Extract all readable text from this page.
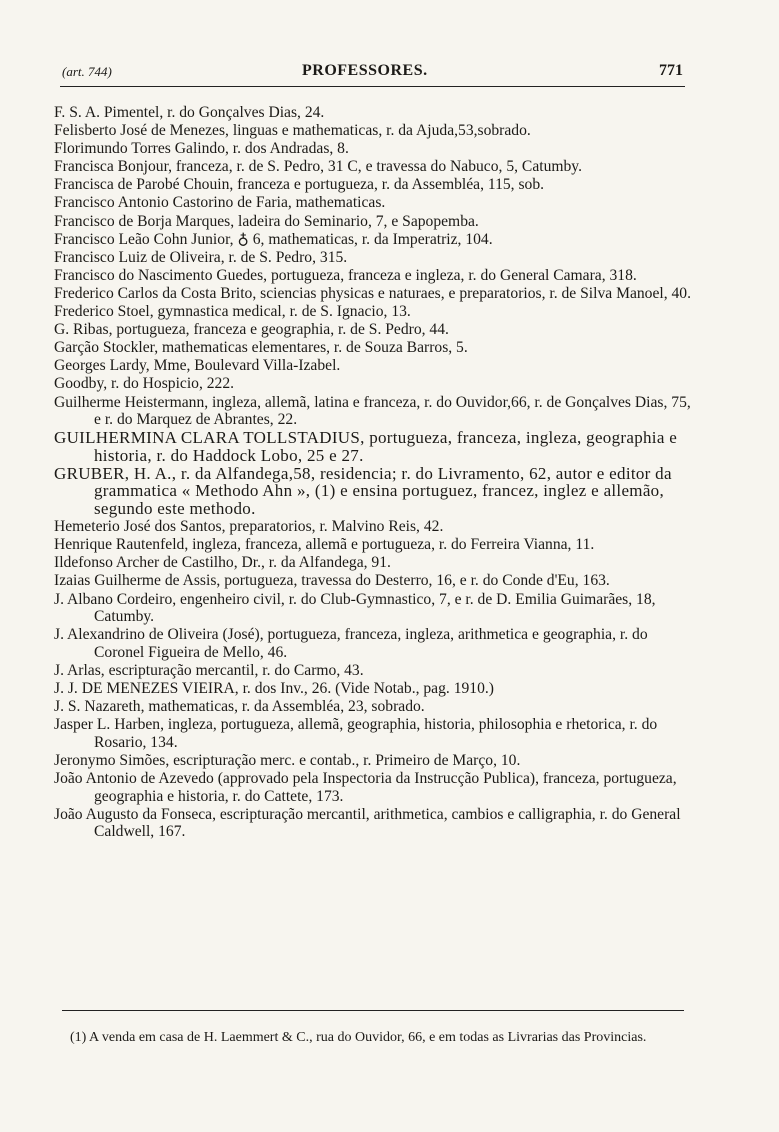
(art. 744)	PROFESSORES.	771

F. S. A. Pimentel, r. do Gonçalves Dias, 24.

Felisberto José de Menezes, linguas e mathematicas, r. da Ajuda,53,sobrado.

Florimundo Torres Galindo, r. dos Andradas, 8.

Francisca Bonjour, franceza, r. de S. Pedro, 31 C, e travessa do Nabuco, 5, Catumby.

Francisca de Parobé Chouin, franceza e portugueza, r. da Assembléa, 115, sob.

Francisco Antonio Castorino de Faria, mathematicas.

Francisco de Borja Marques, ladeira do Seminario, 7, e Sapopemba.

Francisco Leão Cohn Junior, ♁ 6, mathematicas, r. da Imperatriz, 104.

Francisco Luiz de Oliveira, r. de S. Pedro, 315.

Francisco do Nascimento Guedes, portugueza, franceza e ingleza, r. do General Camara, 318.

Frederico Carlos da Costa Brito, sciencias physicas e naturaes, e preparatorios, r. de Silva Manoel, 40.

Frederico Stoel, gymnastica medical, r. de S. Ignacio, 13.

G. Ribas, portugueza, franceza e geographia, r. de S. Pedro, 44.

Garção Stockler, mathematicas elementares, r. de Souza Barros, 5.

Georges Lardy, Mme, Boulevard Villa-Izabel.

Goodby, r. do Hospicio, 222.

Guilherme Heistermann, ingleza, allemã, latina e franceza, r. do Ouvidor,66, r. de Gonçalves Dias, 75, e r. do Marquez de Abrantes, 22.

GUILHERMINA CLARA TOLLSTADIUS, portugueza, franceza, ingleza, geographia e historia, r. do Haddock Lobo, 25 e 27.

GRUBER, H. A., r. da Alfandega,58, residencia; r. do Livramento, 62, autor e editor da grammatica « Methodo Ahn », (1) e ensina portuguez, francez, inglez e allemão, segundo este methodo.

Hemeterio José dos Santos, preparatorios, r. Malvino Reis, 42.

Henrique Rautenfeld, ingleza, franceza, allemã e portugueza, r. do Ferreira Vianna, 11.

Ildefonso Archer de Castilho, Dr., r. da Alfandega, 91.

Izaias Guilherme de Assis, portugueza, travessa do Desterro, 16, e r. do Conde d'Eu, 163.

J. Albano Cordeiro, engenheiro civil, r. do Club-Gymnastico, 7, e r. de D. Emilia Guimarães, 18, Catumby.

J. Alexandrino de Oliveira (José), portugueza, franceza, ingleza, arithmetica e geographia, r. do Coronel Figueira de Mello, 46.

J. Arlas, escripturação mercantil, r. do Carmo, 43.

J. J. DE MENEZES VIEIRA, r. dos Inv., 26. (Vide Notab., pag. 1910.)

J. S. Nazareth, mathematicas, r. da Assembléa, 23, sobrado.

Jasper L. Harben, ingleza, portugueza, allemã, geographia, historia, philosophia e rhetorica, r. do Rosario, 134.

Jeronymo Simões, escripturação merc. e contab., r. Primeiro de Março, 10.

João Antonio de Azevedo (approvado pela Inspectoria da Instrucção Publica), franceza, portugueza, geographia e historia, r. do Cattete, 173.

João Augusto da Fonseca, escripturação mercantil, arithmetica, cambios e calligraphia, r. do General Caldwell, 167.

(1) A venda em casa de H. Laemmert & C., rua do Ouvidor, 66, e em todas as Livrarias das Provincias.
